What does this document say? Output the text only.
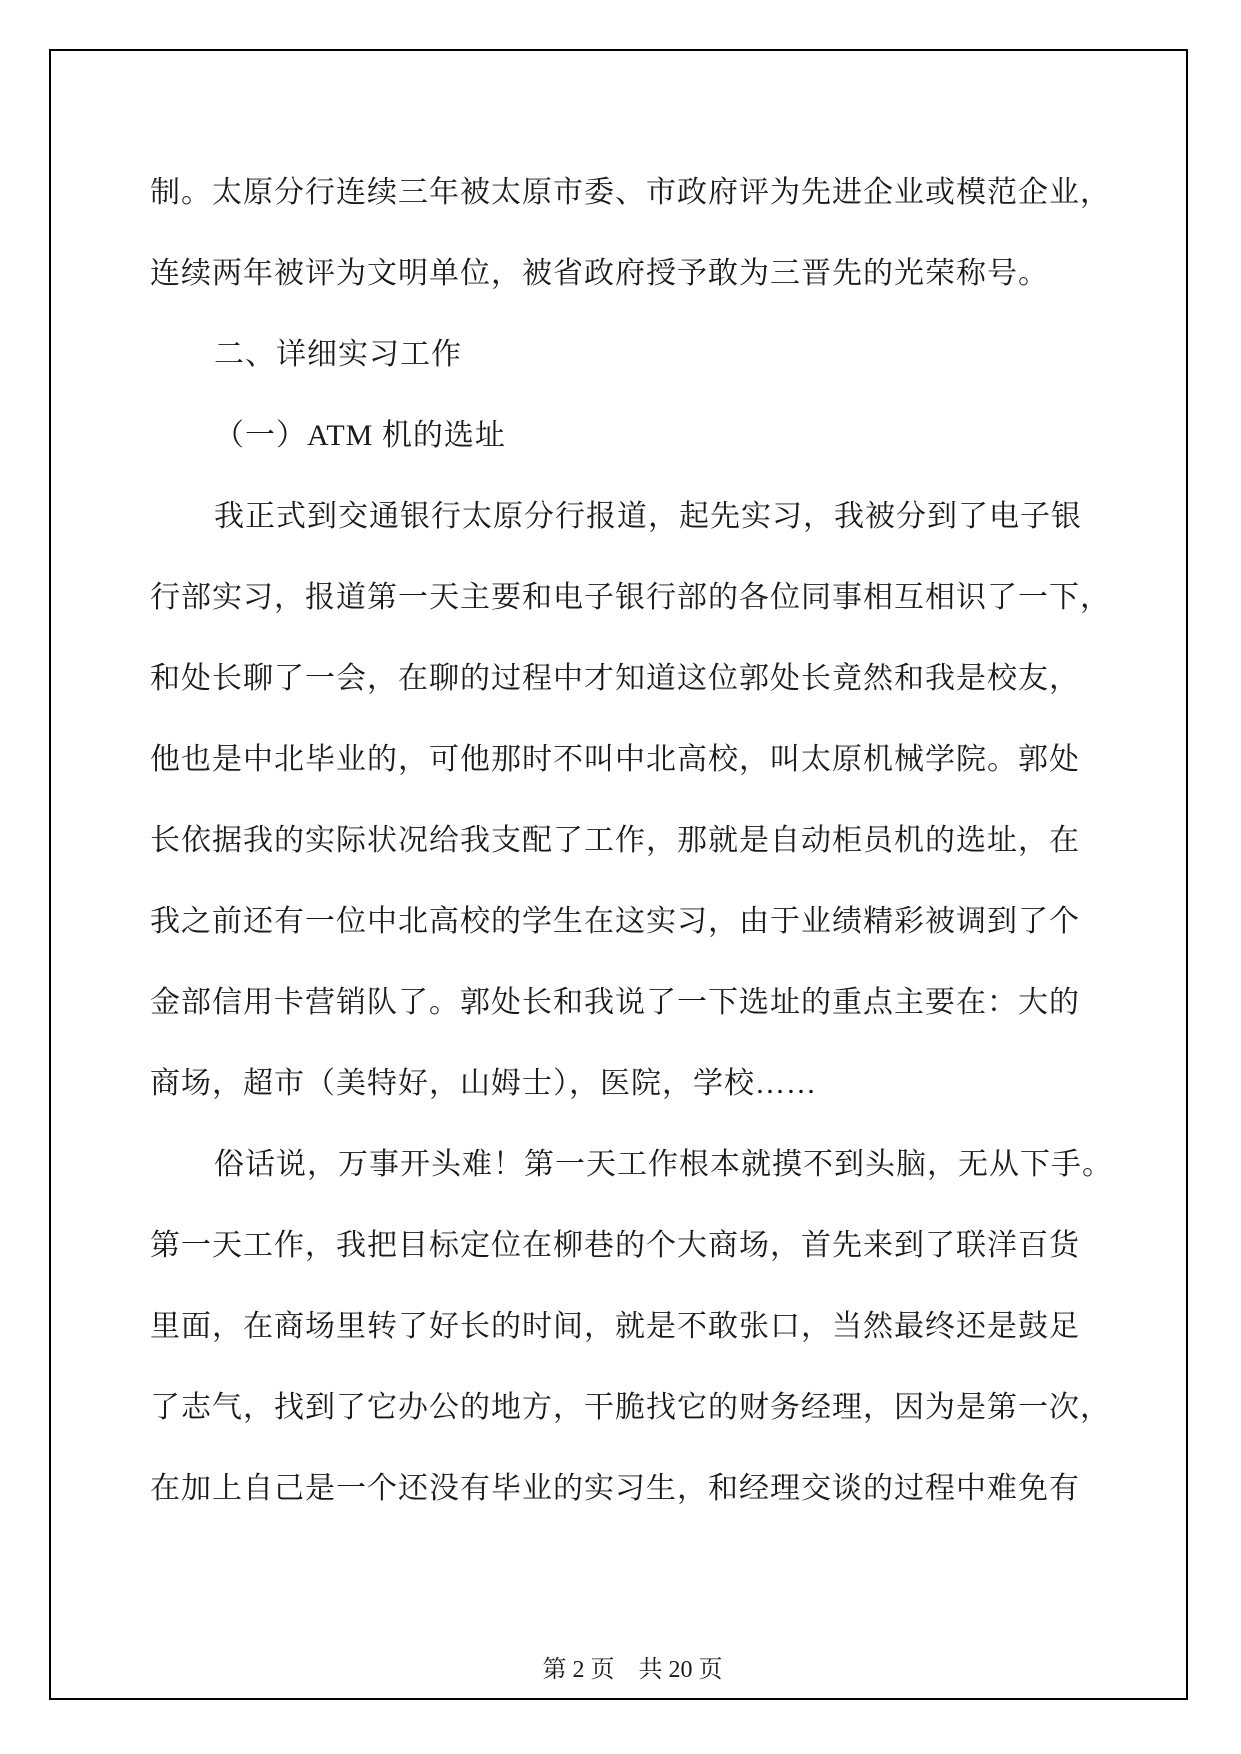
制。太原分行连续三年被太原市委、市政府评为先进企业或模范企业，
连续两年被评为文明单位，被省政府授予敢为三晋先的光荣称号。
二、详细实习工作
（一）ATM 机的选址
我正式到交通银行太原分行报道，起先实习，我被分到了电子银
行部实习，报道第一天主要和电子银行部的各位同事相互相识了一下，
和处长聊了一会，在聊的过程中才知道这位郭处长竟然和我是校友，
他也是中北毕业的，可他那时不叫中北高校，叫太原机械学院。郭处
长依据我的实际状况给我支配了工作，那就是自动柜员机的选址，在
我之前还有一位中北高校的学生在这实习，由于业绩精彩被调到了个
金部信用卡营销队了。郭处长和我说了一下选址的重点主要在：大的
商场，超市（美特好，山姆士），医院，学校……
俗话说，万事开头难！第一天工作根本就摸不到头脑，无从下手。
第一天工作，我把目标定位在柳巷的个大商场，首先来到了联洋百货
里面，在商场里转了好长的时间，就是不敢张口，当然最终还是鼓足
了志气，找到了它办公的地方，干脆找它的财务经理，因为是第一次，
在加上自己是一个还没有毕业的实习生，和经理交谈的过程中难免有

第 2 页　共 20 页
